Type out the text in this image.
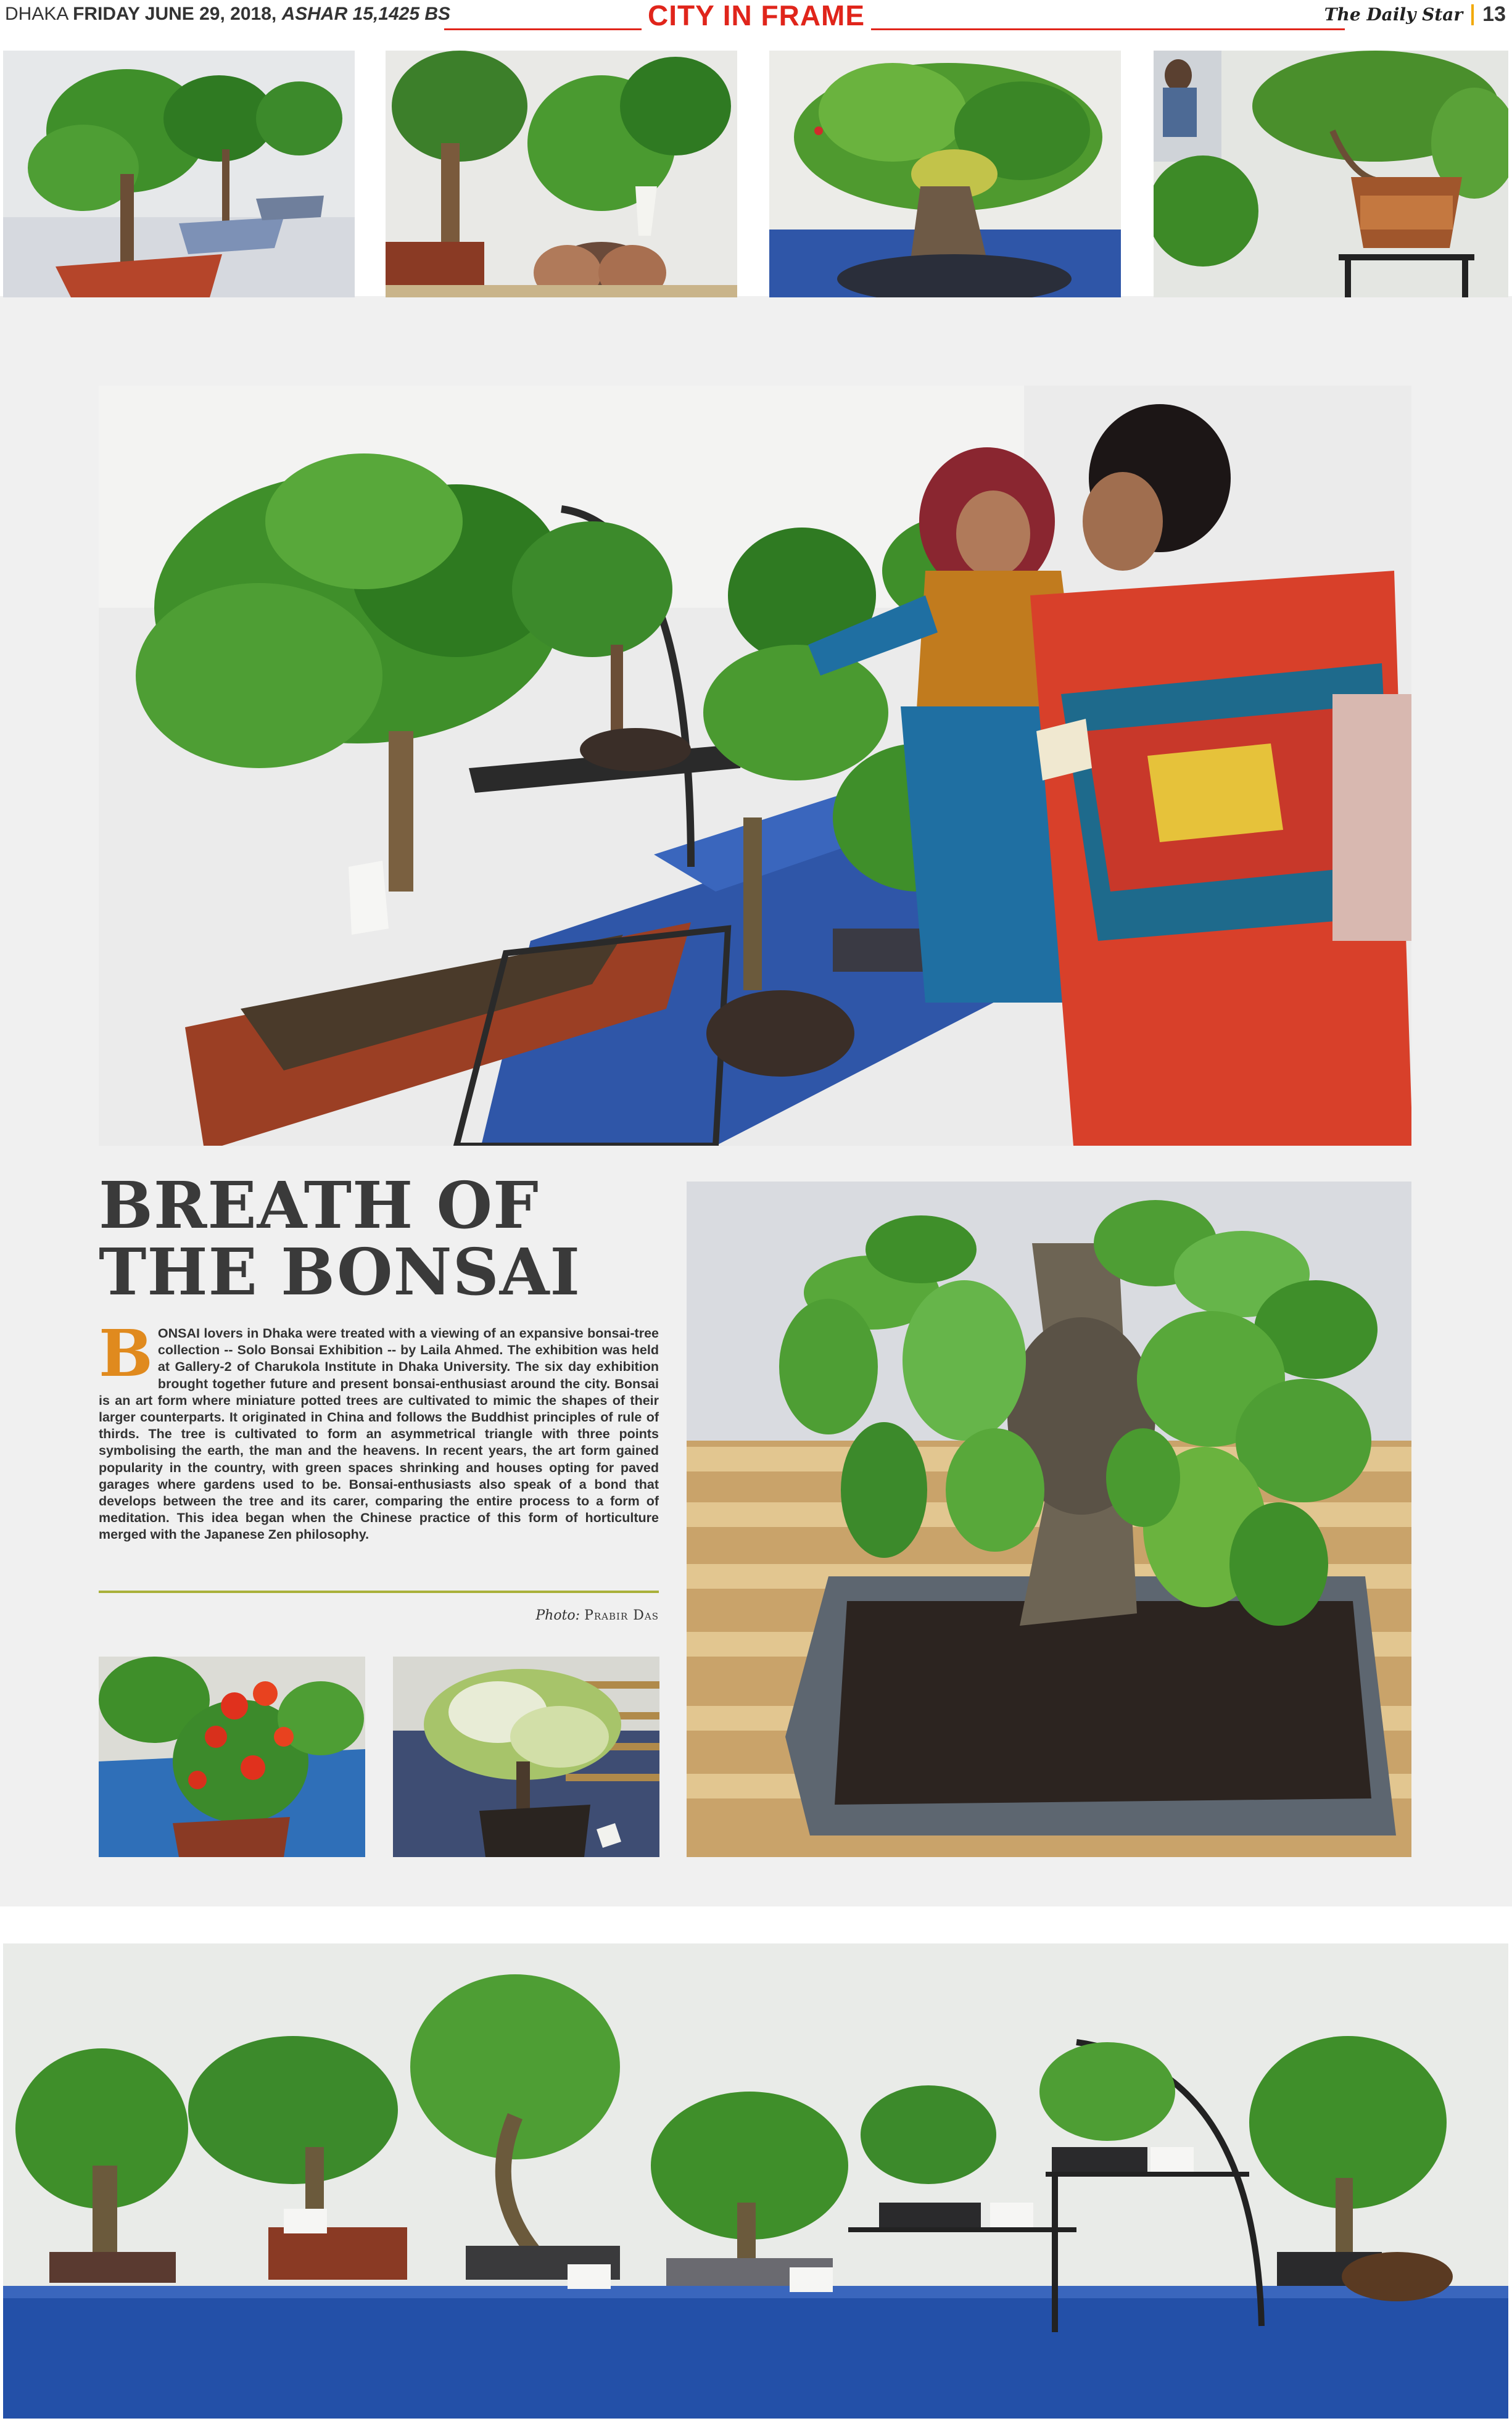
DHAKA FRIDAY JUNE 29, 2018, ASHAR 15,1425 BS	CITY IN FRAME	The Daily Star 13
BREATH OF
THE BONSAI
B ONSAI lovers in Dhaka were treated with a viewing of an expansive bonsai-tree collection -- Solo Bonsai Exhibition -- by Laila Ahmed. The exhibition was held at Gallery-2 of Charukola Institute in Dhaka University. The six day exhibition brought together future and present bonsai-enthusiast around the city. Bonsai is an art form where miniature potted trees are cultivated to mimic the shapes of their larger counterparts. It originated in China and follows the Buddhist principles of rule of thirds. The tree is cultivated to form an asymmetrical triangle with three points symbolising the earth, the man and the heavens. In recent years, the art form gained popularity in the country, with green spaces shrinking and houses opting for paved garages where gardens used to be. Bonsai-enthusiasts also speak of a bond that develops between the tree and its carer, comparing the entire process to a form of meditation. This idea began when the Chinese practice of this form of horticulture merged with the Japanese Zen philosophy.
Photo: Prabir Das
